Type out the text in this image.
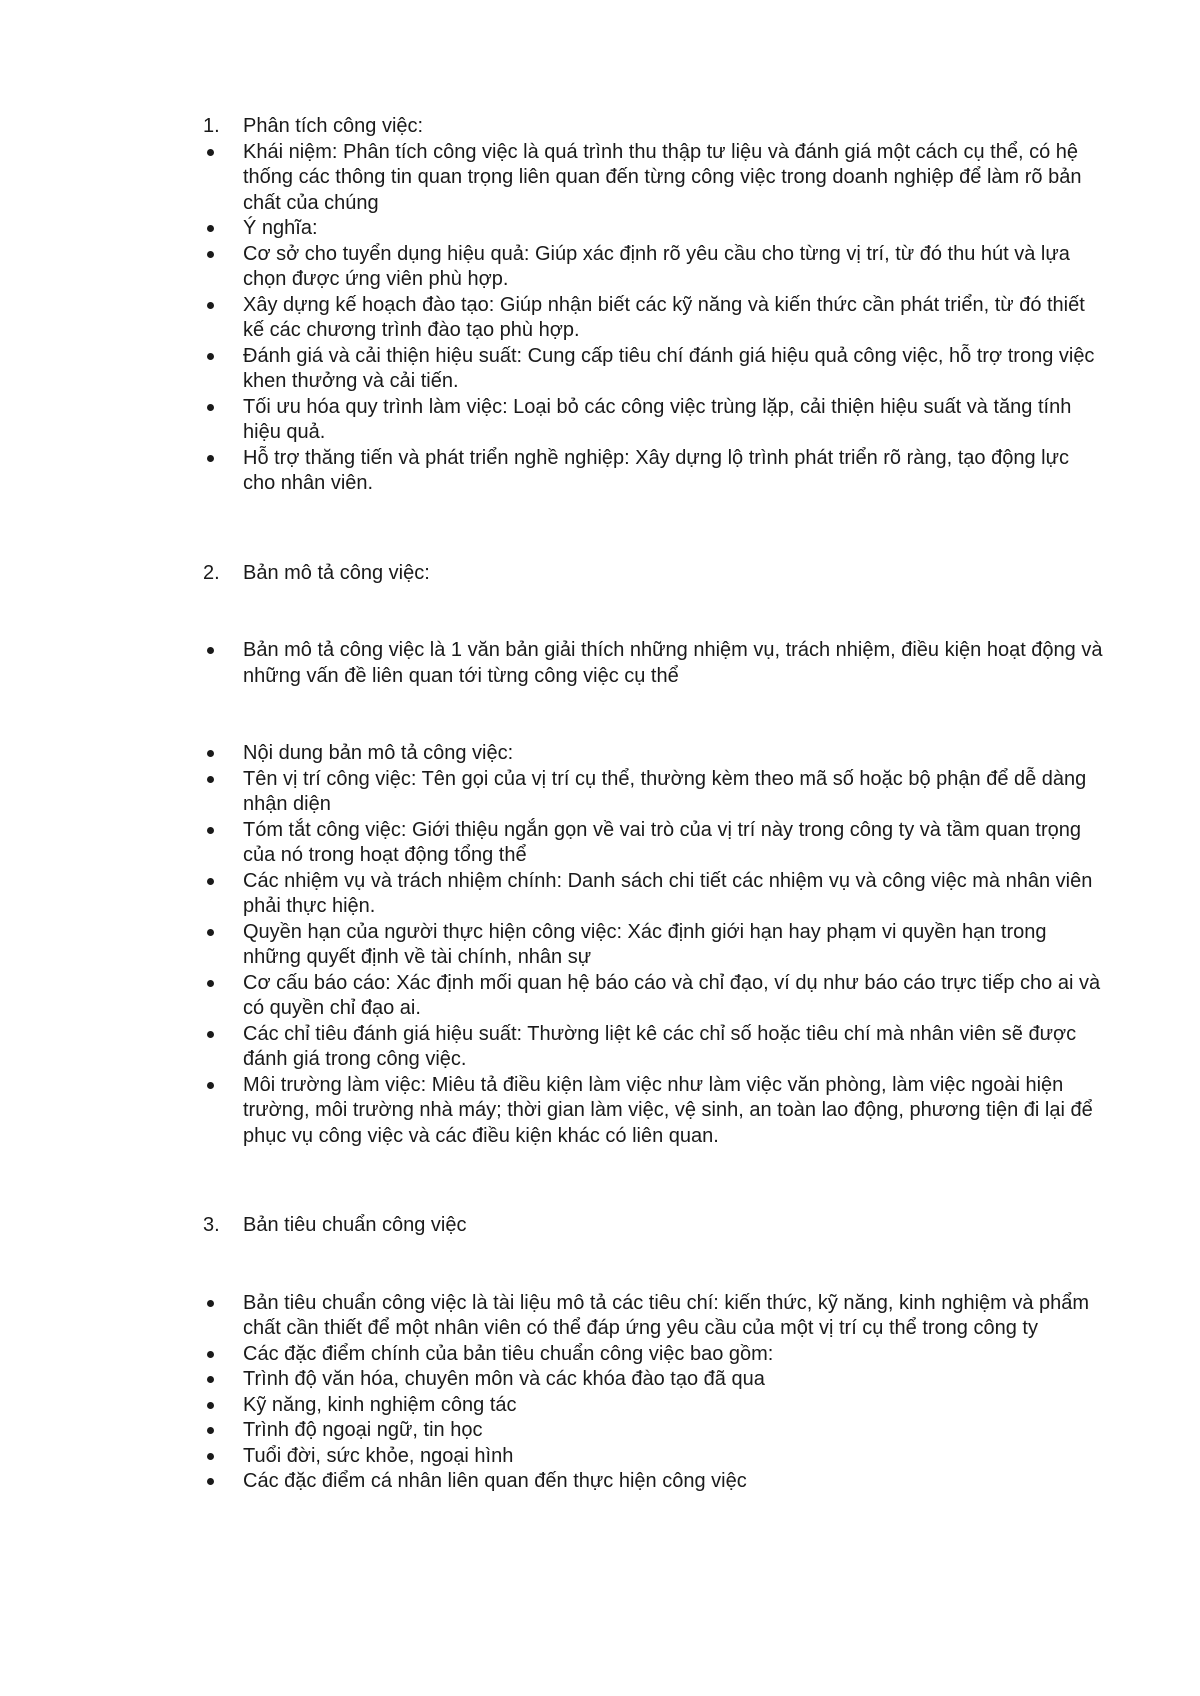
1. Phân tích công việc:
Khái niệm: Phân tích công việc là quá trình thu thập tư liệu và đánh giá một cách cụ thể, có hệ thống các thông tin quan trọng liên quan đến từng công việc trong doanh nghiệp để làm rõ bản chất của chúng
Ý nghĩa:
Cơ sở cho tuyển dụng hiệu quả: Giúp xác định rõ yêu cầu cho từng vị trí, từ đó thu hút và lựa chọn được ứng viên phù hợp.
Xây dựng kế hoạch đào tạo: Giúp nhận biết các kỹ năng và kiến thức cần phát triển, từ đó thiết kế các chương trình đào tạo phù hợp.
Đánh giá và cải thiện hiệu suất: Cung cấp tiêu chí đánh giá hiệu quả công việc, hỗ trợ trong việc khen thưởng và cải tiến.
Tối ưu hóa quy trình làm việc: Loại bỏ các công việc trùng lặp, cải thiện hiệu suất và tăng tính hiệu quả.
Hỗ trợ thăng tiến và phát triển nghề nghiệp: Xây dựng lộ trình phát triển rõ ràng, tạo động lực cho nhân viên.
2. Bản mô tả công việc:
Bản mô tả công việc là 1 văn bản giải thích những nhiệm vụ, trách nhiệm, điều kiện hoạt động và những vấn đề liên quan tới từng công việc cụ thể
Nội dung bản mô tả công việc:
Tên vị trí công việc: Tên gọi của vị trí cụ thể, thường kèm theo mã số hoặc bộ phận để dễ dàng nhận diện
Tóm tắt công việc: Giới thiệu ngắn gọn về vai trò của vị trí này trong công ty và tầm quan trọng của nó trong hoạt động tổng thể
Các nhiệm vụ và trách nhiệm chính: Danh sách chi tiết các nhiệm vụ và công việc mà nhân viên phải thực hiện.
Quyền hạn của người thực hiện công việc: Xác định giới hạn hay phạm vi quyền hạn trong những quyết định về tài chính, nhân sự
Cơ cấu báo cáo: Xác định mối quan hệ báo cáo và chỉ đạo, ví dụ như báo cáo trực tiếp cho ai và có quyền chỉ đạo ai.
Các chỉ tiêu đánh giá hiệu suất: Thường liệt kê các chỉ số hoặc tiêu chí mà nhân viên sẽ được đánh giá trong công việc.
Môi trường làm việc: Miêu tả điều kiện làm việc như làm việc văn phòng, làm việc ngoài hiện trường, môi trường nhà máy; thời gian làm việc, vệ sinh, an toàn lao động, phương tiện đi lại để phục vụ công việc và các điều kiện khác có liên quan.
3. Bản tiêu chuẩn công việc
Bản tiêu chuẩn công việc là tài liệu mô tả các tiêu chí: kiến thức, kỹ năng, kinh nghiệm và phẩm chất cần thiết để một nhân viên có thể đáp ứng yêu cầu của một vị trí cụ thể trong công ty
Các đặc điểm chính của bản tiêu chuẩn công việc bao gồm:
Trình độ văn hóa, chuyên môn và các khóa đào tạo đã qua
Kỹ năng, kinh nghiệm công tác
Trình độ ngoại ngữ, tin học
Tuổi đời, sức khỏe, ngoại hình
Các đặc điểm cá nhân liên quan đến thực hiện công việc
